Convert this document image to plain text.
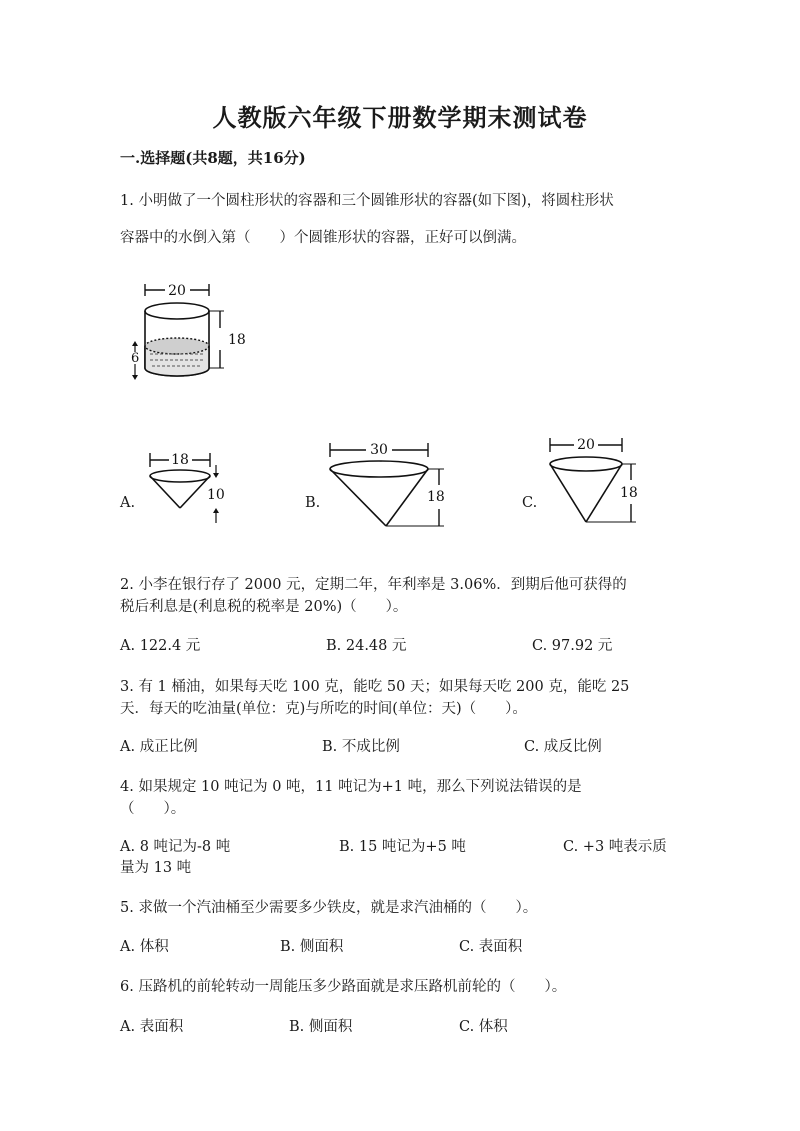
人教版六年级下册数学期末测试卷
一.选择题(共8题，共16分)
1. 小明做了一个圆柱形状的容器和三个圆锥形状的容器(如下图)，将圆柱形状
容器中的水倒入第（　　）个圆锥形状的容器，正好可以倒满。
20
18
6
A.
18
10	B.
30
18	C.
20
18
2. 小李在银行存了 2000 元，定期二年，年利率是 3.06%．到期后他可获得的
税后利息是(利息税的税率是 20%)（　　）。
A. 122.4 元	B. 24.48 元	C. 97.92 元
3. 有 1 桶油，如果每天吃 100 克，能吃 50 天；如果每天吃 200 克，能吃 25
天．每天的吃油量(单位：克)与所吃的时间(单位：天)（　　）。
A. 成正比例	B. 不成比例	C. 成反比例
4. 如果规定 10 吨记为 0 吨，11 吨记为+1 吨，那么下列说法错误的是
（　　）。
A. 8 吨记为-8 吨	B. 15 吨记为+5 吨	C. +3 吨表示质
量为 13 吨
5. 求做一个汽油桶至少需要多少铁皮，就是求汽油桶的（　　）。
A. 体积	B. 侧面积	C. 表面积
6. 压路机的前轮转动一周能压多少路面就是求压路机前轮的（　　）。
A. 表面积	B. 侧面积	C. 体积
